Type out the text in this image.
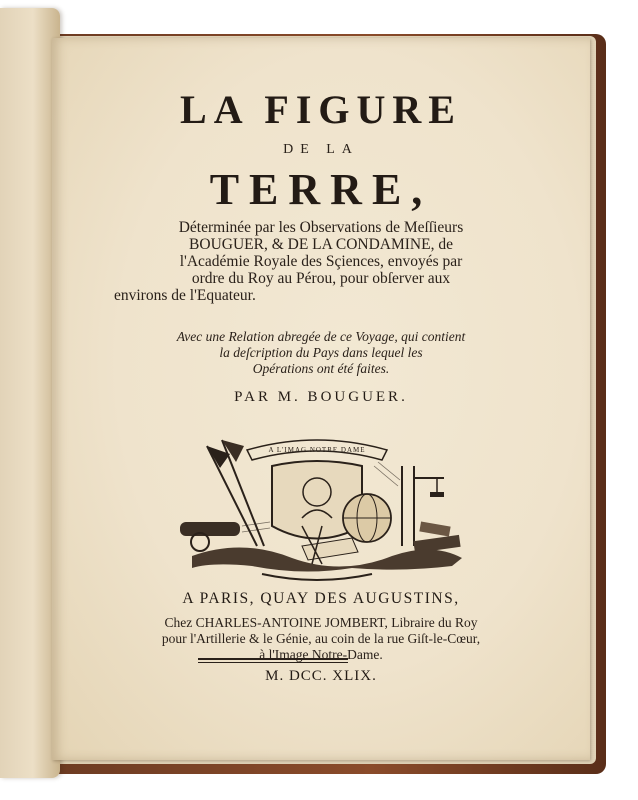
LA FIGURE
DE LA
TERRE,
Déterminée par les Observations de Meſſieurs
BOUGUER, & DE LA CONDAMINE, de
l'Académie Royale des Sçiences, envoyés par
ordre du Roy au Pérou, pour obſerver aux
environs de l'Equateur.
Avec une Relation abregée de ce Voyage, qui contient
la deſcription du Pays dans lequel les
Opérations ont été faites.
PAR M. BOUGUER.
A L'IMAG NOTRE DAME
A PARIS, QUAY DES AUGUSTINS,
Chez CHARLES-ANTOINE JOMBERT, Libraire du Roy
pour l'Artillerie & le Génie, au coin de la rue Giſt-le-Cœur,
à l'Image Notre-Dame.
M. DCC. XLIX.
